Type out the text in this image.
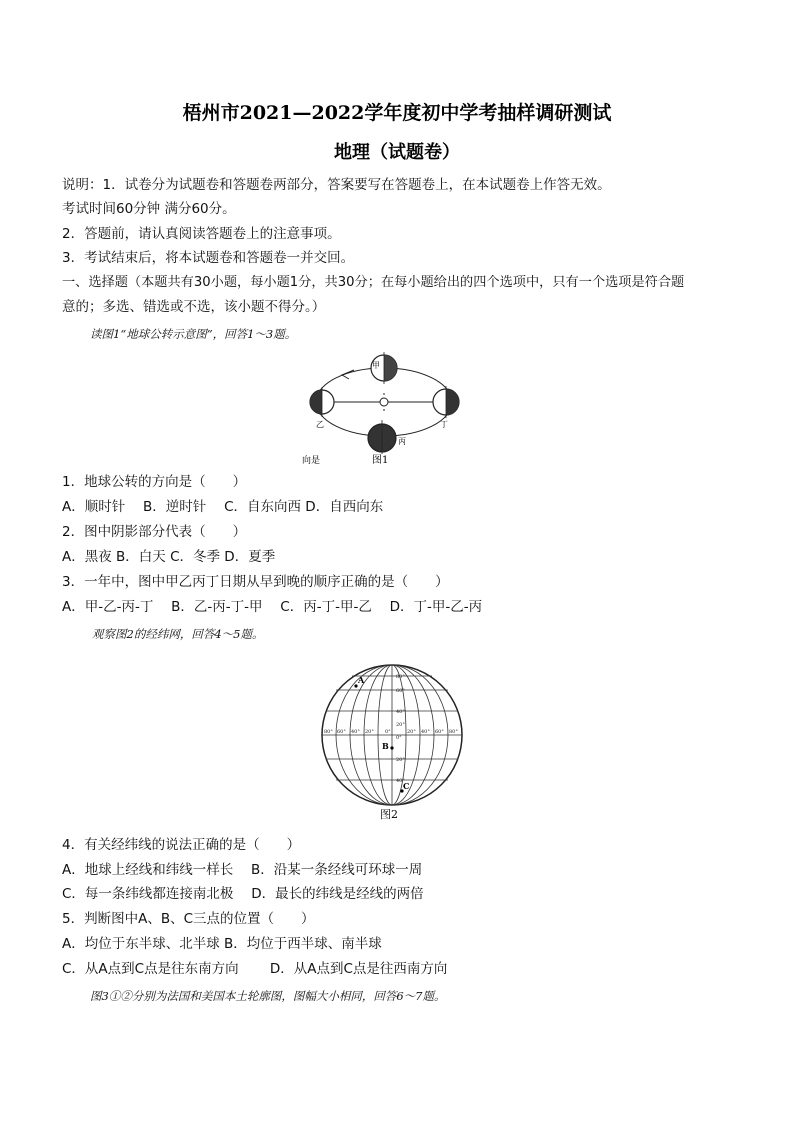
梧州市2021—2022学年度初中学考抽样调研测试
地理（试题卷）
说明：1．试卷分为试题卷和答题卷两部分，答案要写在答题卷上，在本试题卷上作答无效。
考试时间60分钟 满分60分。
2．答题前，请认真阅读答题卷上的注意事项。
3．考试结束后，将本试题卷和答题卷一并交回。
一、选择题（本题共有30小题，每小题1分，共30分；在每小题给出的四个选项中，只有一个选项是符合题
意的；多选、错选或不选，该小题不得分。）
读图1“地球公转示意图”，回答1～3题。
甲
乙
丙
丁
向是	图1
1．地球公转的方向是（　　）
A．顺时针　 B．逆时针　 C．自东向西 D．自西向东
2．图中阴影部分代表（　　）
A．黑夜 B．白天 C．冬季 D．夏季
3．一年中，图中甲乙丙丁日期从早到晚的顺序正确的是（　　）
A．甲-乙-丙-丁　 B．乙-丙-丁-甲　 C．丙-丁-甲-乙　 D．丁-甲-乙-丙
观察图2的经纬网，回答4～5题。
80°
60°
40°
20°
0°
20°
40°
80° 60° 40° 20° 0°	20° 40° 60° 80°
A
B
C
图2
4．有关经纬线的说法正确的是（　　）
A．地球上经线和纬线一样长　 B．沿某一条经线可环球一周
C．每一条纬线都连接南北极　 D．最长的纬线是经线的两倍
5．判断图中A、B、C三点的位置（　　）
A．均位于东半球、北半球 B．均位于西半球、南半球
C．从A点到C点是往东南方向　　 D．从A点到C点是往西南方向
图3①②分别为法国和美国本土轮廓图，图幅大小相同，回答6～7题。
